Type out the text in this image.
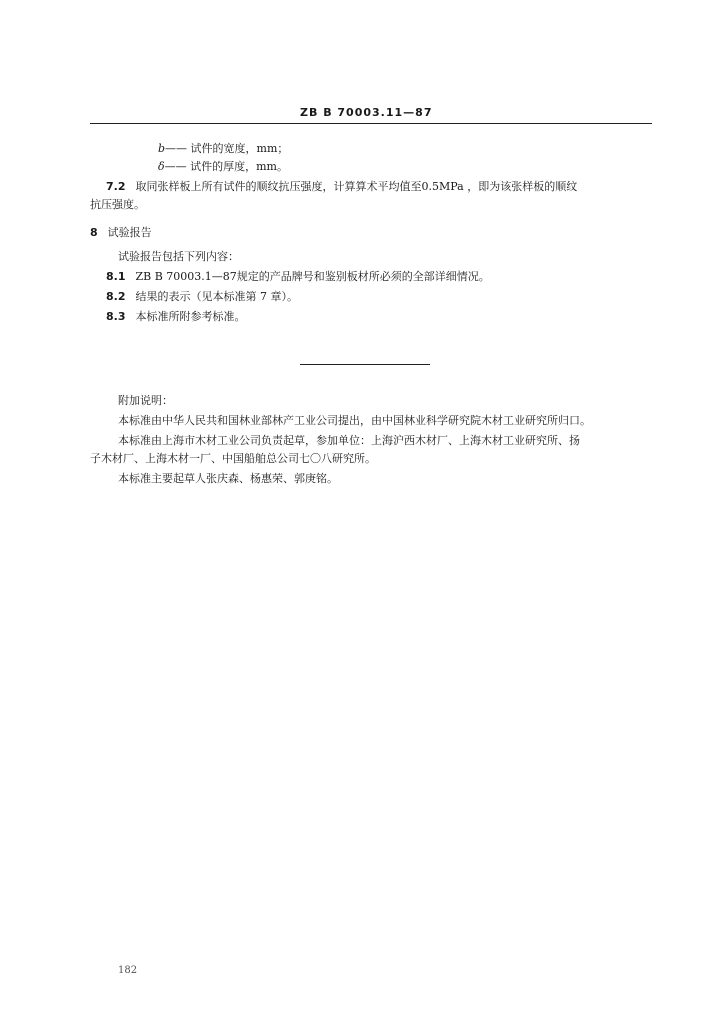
ZB B 70003.11—87
b—— 试件的宽度，mm；
δ—— 试件的厚度，mm。
7.2 取同张样板上所有试件的顺纹抗压强度，计算算术平均值至0.5MPa ，即为该张样板的顺纹
抗压强度。
8 试验报告
试验报告包括下列内容：
8.1 ZB B 70003.1—87规定的产品牌号和鉴别板材所必须的全部详细情况。
8.2 结果的表示（见本标准第 7 章）。
8.3 本标准所附参考标准。
附加说明：
本标准由中华人民共和国林业部林产工业公司提出，由中国林业科学研究院木材工业研究所归口。
本标准由上海市木材工业公司负责起草，参加单位：上海沪西木材厂、上海木材工业研究所、扬
子木材厂、上海木材一厂、中国船舶总公司七〇八研究所。
本标准主要起草人张庆森、杨惠荣、郭庚铭。
182
